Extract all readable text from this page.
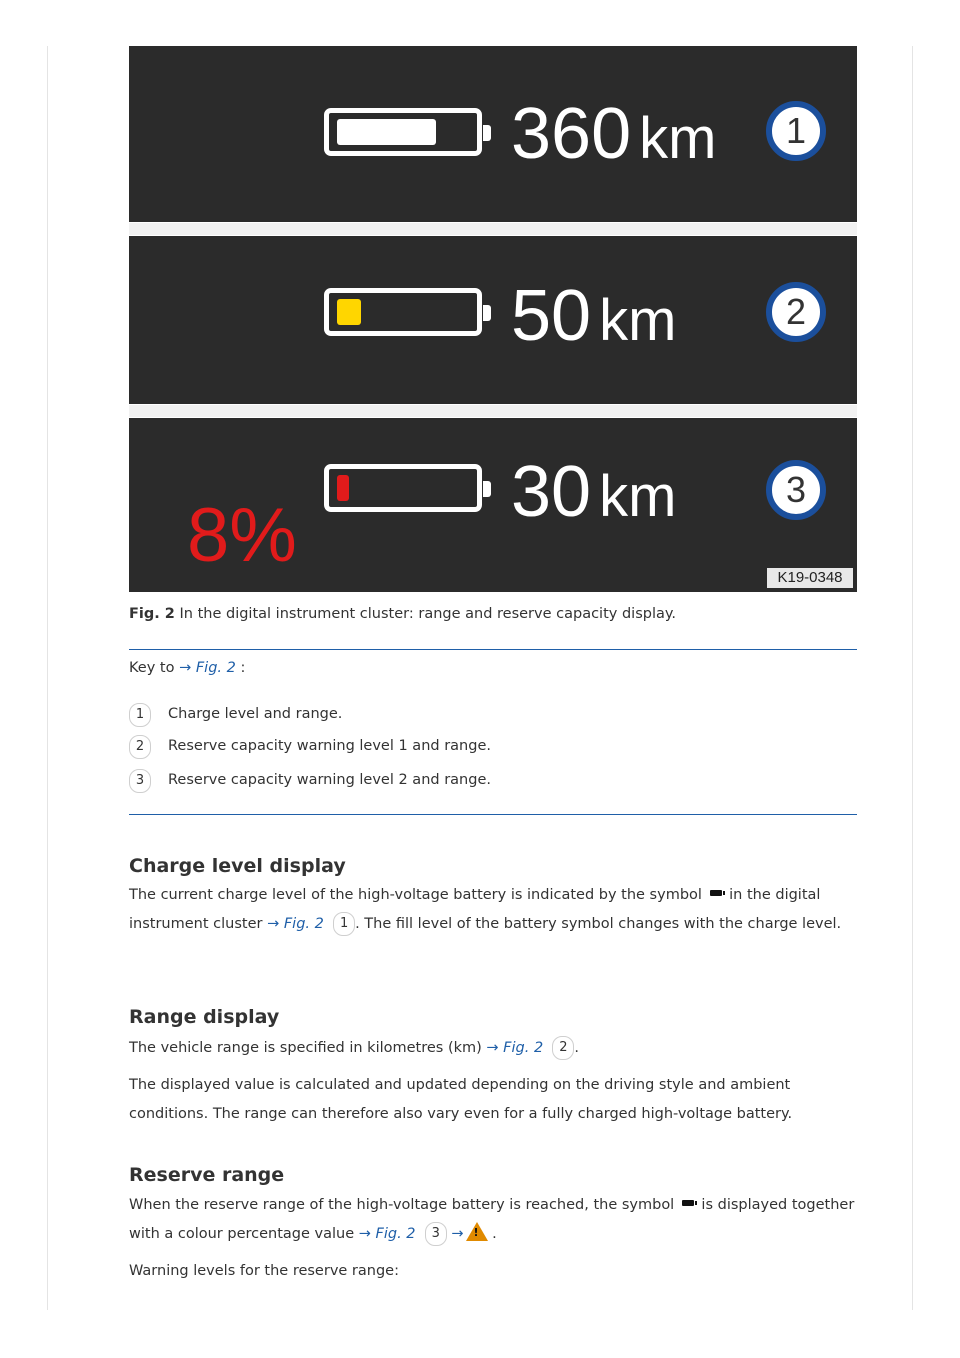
360 km	1
50 km	2
8%
30 km	3
K19-0348
Fig. 2 In the digital instrument cluster: range and reserve capacity display.
Key to → Fig. 2 :
1	Charge level and range.
2	Reserve capacity warning level 1 and range.
3	Reserve capacity warning level 2 and range.
Charge level display
The current charge level of the high-voltage battery is indicated by the symbol  in the digital instrument cluster → Fig. 2 1 . The fill level of the battery symbol changes with the charge level.
Range display
The vehicle range is specified in kilometres (km) → Fig. 2 2 .
The displayed value is calculated and updated depending on the driving style and ambient conditions. The range can therefore also vary even for a fully charged high-voltage battery.
Reserve range
When the reserve range of the high-voltage battery is reached, the symbol  is displayed together with a colour percentage value → Fig. 2 3 → ! .
Warning levels for the reserve range:
